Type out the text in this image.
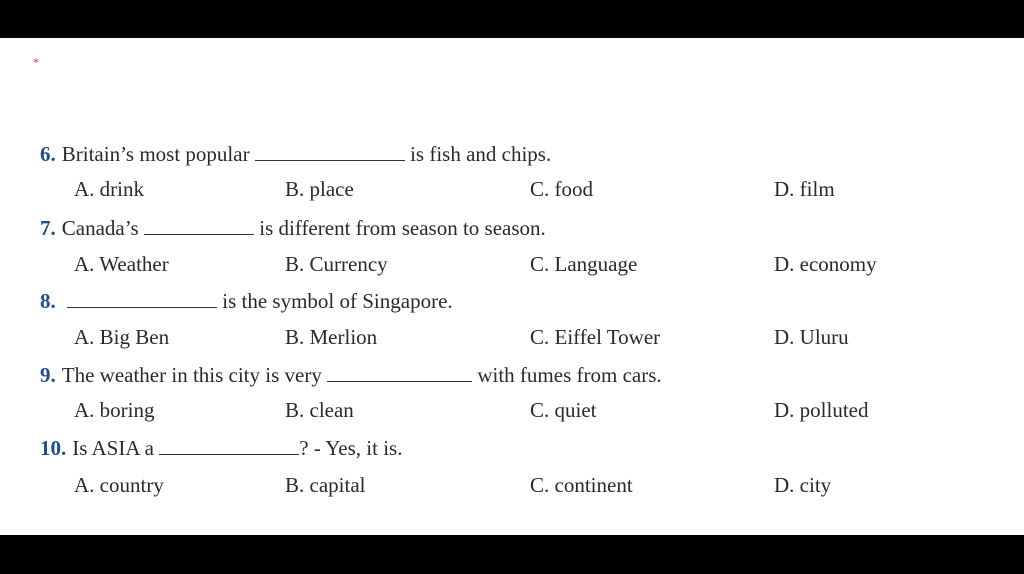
*
6. Britain’s most popular	is fish and chips.
A. drink	B. place	C. food	D. film
7. Canada’s	is different from season to season.
A. Weather	B. Currency	C. Language	D. economy
8.	is the symbol of Singapore.
A. Big Ben	B. Merlion	C. Eiffel Tower	D. Uluru
9. The weather in this city is very	with fumes from cars.
A. boring	B. clean	C. quiet	D. polluted
10. Is ASIA a	? - Yes, it is.
A. country	B. capital	C. continent	D. city
